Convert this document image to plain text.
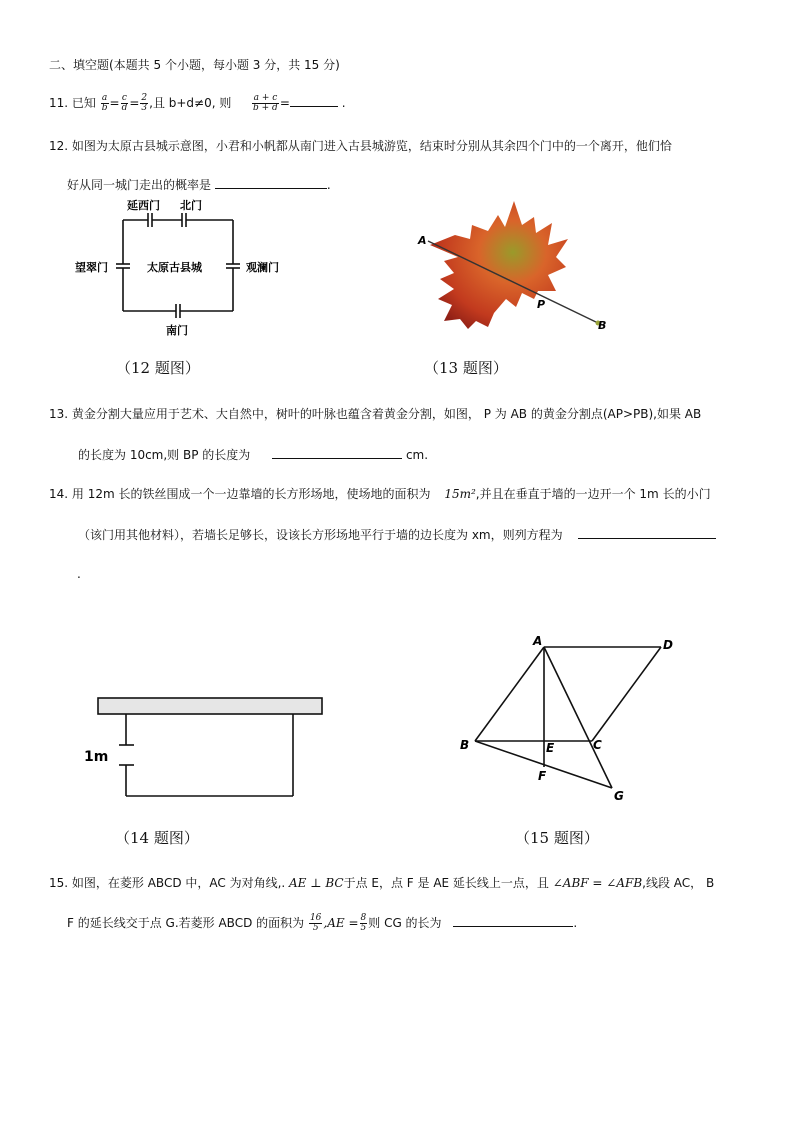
二、填空题(本题共 5 个小题，每小题 3 分，共 15 分)
11. 已知 $\frac{a}{b} = \frac{c}{d} = \frac{2}{3}$ ,且 b+d≠0, 则 $\frac{a + c}{b + d}$ =	.
12. 如图为太原古县城示意图，小君和小帆都从南门进入古县城游览，结束时分别从其余四个门中的一个离开，他们恰
好从同一城门走出的概率是	.
延西门 北门
望翠门	太原古县城	观澜门
南门
A
P
B
（12 题图）	（13 题图）
13. 黄金分割大量应用于艺术、大自然中，树叶的叶脉也蕴含着黄金分割，如图， P 为 AB 的黄金分割点(AP>PB),如果 AB
的长度为 10cm,则 BP 的长度为	cm.
14. 用 12m 长的铁丝围成一个一边靠墙的长方形场地，使场地的面积为 15m²,并且在垂直于墙的一边开一个 1m 长的小门
（该门用其他材料），若墙长足够长，设该长方形场地平行于墙的边长度为 xm，则列方程为
.
1m
A	D
B	E	C
F
G
（14 题图）	（15 题图）
15. 如图，在菱形 ABCD 中，AC 为对角线,. AE ⊥ BC于点 E，点 F 是 AE 延长线上一点，且 ∠ABF = ∠AFB,线段 AC， B
F 的延长线交于点 G.若菱形 ABCD 的面积为 $\frac{16}{5} ,AE = \frac{8}{5}$ 则 CG 的长为	.
